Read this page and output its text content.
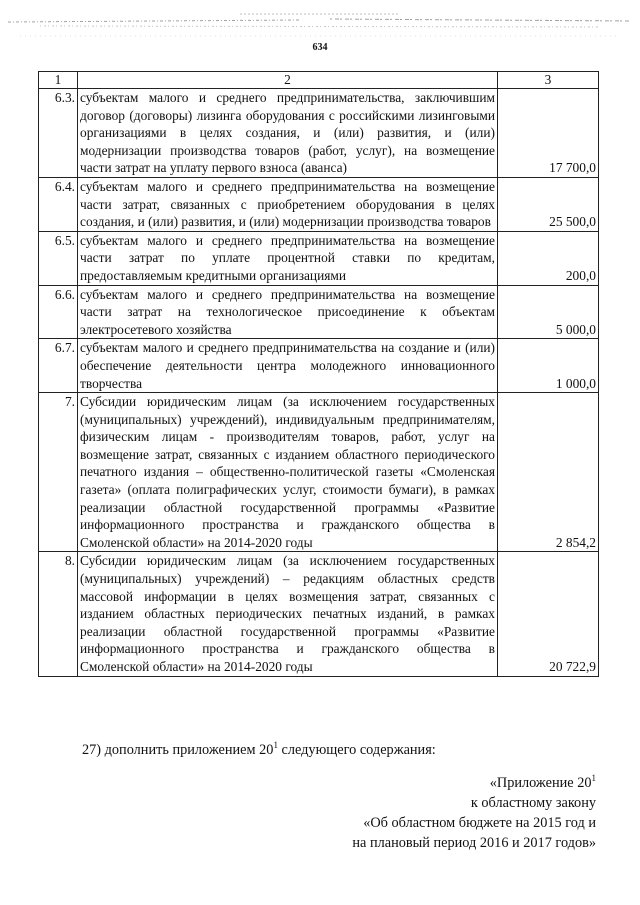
634
1	2	3
6.3.	субъектам малого и среднего предпринимательства, заключившим договор (договоры) лизинга оборудования с российскими лизинговыми организациями в целях создания, и (или) развития, и (или) модернизации производства товаров (работ, услуг), на возмещение части затрат на уплату первого взноса (аванса)	17 700,0
6.4.	субъектам малого и среднего предпринимательства на возмещение части затрат, связанных с приобретением оборудования в целях создания, и (или) развития, и (или) модернизации производства товаров	25 500,0
6.5.	субъектам малого и среднего предпринимательства на возмещение части затрат по уплате процентной ставки по кредитам, предоставляемым кредитными организациями	200,0
6.6.	субъектам малого и среднего предпринимательства на возмещение части затрат на технологическое присоединение к объектам электросетевого хозяйства	5 000,0
6.7.	субъектам малого и среднего предпринимательства на создание и (или) обеспечение деятельности центра молодежного инновационного творчества	1 000,0
7.	Субсидии юридическим лицам (за исключением государственных (муниципальных) учреждений), индивидуальным предпринимателям, физическим лицам - производителям товаров, работ, услуг на возмещение затрат, связанных с изданием областного периодического печатного издания – общественно-политической газеты «Смоленская газета» (оплата полиграфических услуг, стоимости бумаги), в рамках реализации областной государственной программы «Развитие информационного пространства и гражданского общества в Смоленской области» на 2014-2020 годы	2 854,2
8.	Субсидии юридическим лицам (за исключением государственных (муниципальных) учреждений) – редакциям областных средств массовой информации в целях возмещения затрат, связанных с изданием областных периодических печатных изданий, в рамках реализации областной государственной программы «Развитие информационного пространства и гражданского общества в Смоленской области» на 2014-2020 годы	20 722,9
27) дополнить приложением $20^1$ следующего содержания:
«Приложение $20^1$
к областному закону
«Об областном бюджете на 2015 год и
на плановый период 2016 и 2017 годов»
